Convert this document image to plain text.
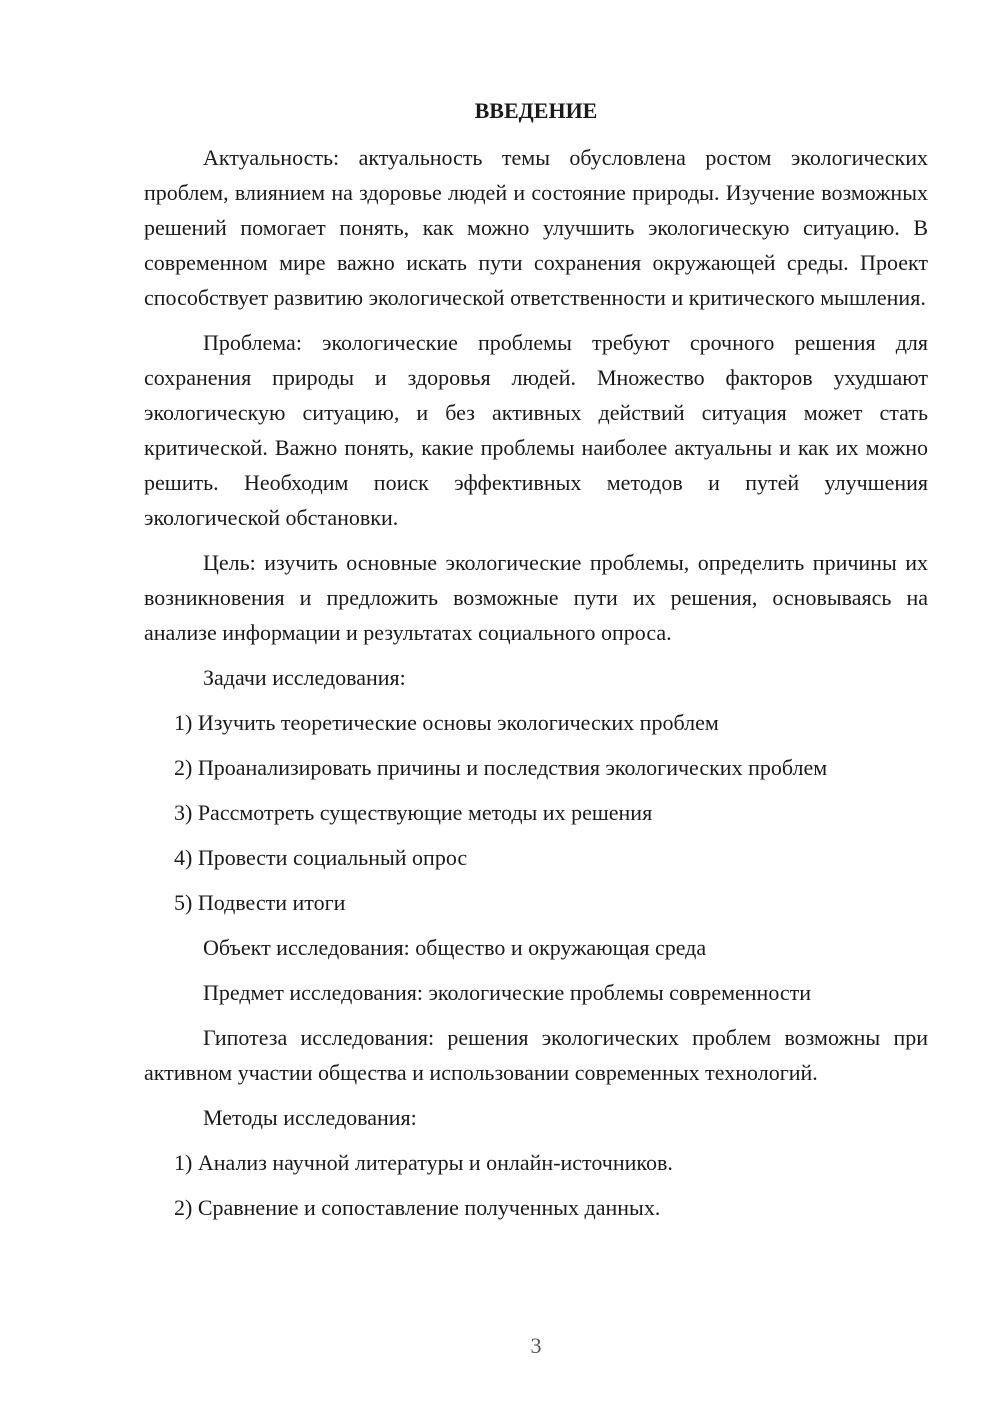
ВВЕДЕНИЕ

Актуальность: актуальность темы обусловлена ростом экологических проблем, влиянием на здоровье людей и состояние природы. Изучение возможных решений помогает понять, как можно улучшить экологическую ситуацию. В современном мире важно искать пути сохранения окружающей среды. Проект способствует развитию экологической ответственности и критического мышления.

Проблема: экологические проблемы требуют срочного решения для сохранения природы и здоровья людей. Множество факторов ухудшают экологическую ситуацию, и без активных действий ситуация может стать критической. Важно понять, какие проблемы наиболее актуальны и как их можно решить. Необходим поиск эффективных методов и путей улучшения экологической обстановки.

Цель: изучить основные экологические проблемы, определить причины их возникновения и предложить возможные пути их решения, основываясь на анализе информации и результатах социального опроса.

Задачи исследования:
1) Изучить теоретические основы экологических проблем
2) Проанализировать причины и последствия экологических проблем
3) Рассмотреть существующие методы их решения
4) Провести социальный опрос
5) Подвести итоги
Объект исследования: общество и окружающая среда
Предмет исследования: экологические проблемы современности

Гипотеза исследования: решения экологических проблем возможны при активном участии общества и использовании современных технологий.

Методы исследования:
1) Анализ научной литературы и онлайн-источников.
2) Сравнение и сопоставление полученных данных.
3
